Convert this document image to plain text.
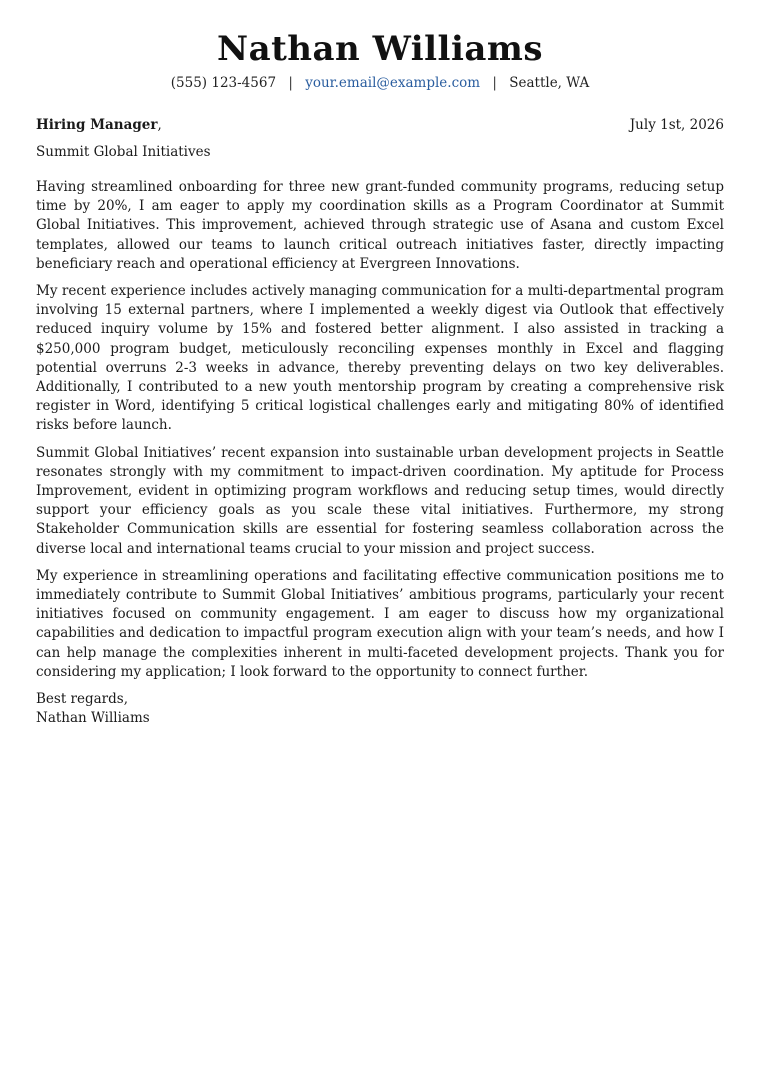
Nathan Williams
(555) 123-4567 | your.email@example.com | Seattle, WA
Hiring Manager,	July 1st, 2026
Summit Global Initiatives

Having streamlined onboarding for three new grant-funded community programs, reducing setup time by 20%, I am eager to apply my coordination skills as a Program Coordinator at Summit Global Initiatives. This improvement, achieved through strategic use of Asana and custom Excel templates, allowed our teams to launch critical outreach initiatives faster, directly impacting beneficiary reach and operational efficiency at Evergreen Innovations.

My recent experience includes actively managing communication for a multi-departmental program involving 15 external partners, where I implemented a weekly digest via Outlook that effectively reduced inquiry volume by 15% and fostered better alignment. I also assisted in tracking a $250,000 program budget, meticulously reconciling expenses monthly in Excel and flagging potential overruns 2-3 weeks in advance, thereby preventing delays on two key deliverables. Additionally, I contributed to a new youth mentorship program by creating a comprehensive risk register in Word, identifying 5 critical logistical challenges early and mitigating 80% of identified risks before launch.

Summit Global Initiatives’ recent expansion into sustainable urban development projects in Seattle resonates strongly with my commitment to impact-driven coordination. My aptitude for Process Improvement, evident in optimizing program workflows and reducing setup times, would directly support your efficiency goals as you scale these vital initiatives. Furthermore, my strong Stakeholder Communication skills are essential for fostering seamless collaboration across the diverse local and international teams crucial to your mission and project success.

My experience in streamlining operations and facilitating effective communication positions me to immediately contribute to Summit Global Initiatives’ ambitious programs, particularly your recent initiatives focused on community engagement. I am eager to discuss how my organizational capabilities and dedication to impactful program execution align with your team’s needs, and how I can help manage the complexities inherent in multi-faceted development projects. Thank you for considering my application; I look forward to the opportunity to connect further.

Best regards,
Nathan Williams
